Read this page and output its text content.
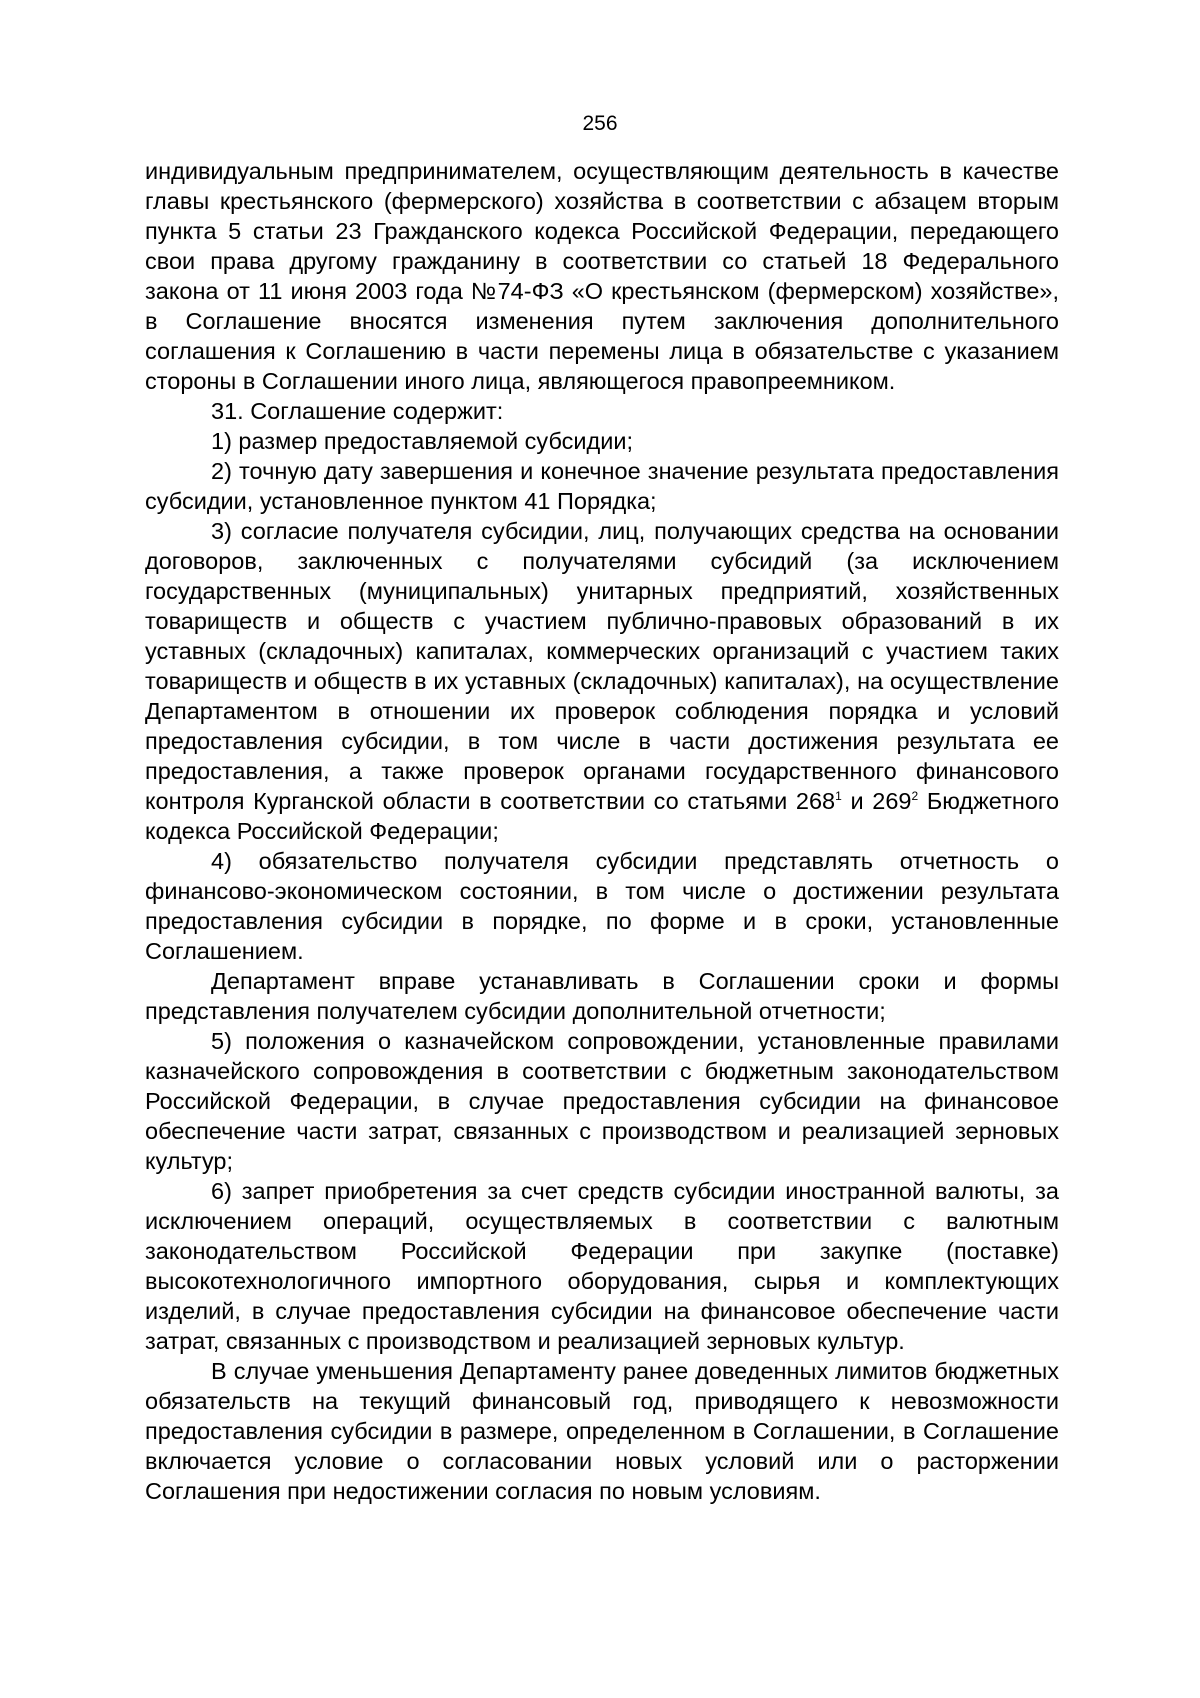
256

индивидуальным предпринимателем, осуществляющим деятельность в качестве главы крестьянского (фермерского) хозяйства в соответствии с абзацем вторым пункта 5 статьи 23 Гражданского кодекса Российской Федерации, передающего свои права другому гражданину в соответствии со статьей 18 Федерального закона от 11 июня 2003 года №74-ФЗ «О крестьянском (фермерском) хозяйстве», в Соглашение вносятся изменения путем заключения дополнительного соглашения к Соглашению в части перемены лица в обязательстве с указанием стороны в Соглашении иного лица, являющегося правопреемником.

31. Соглашение содержит:

1) размер предоставляемой субсидии;

2) точную дату завершения и конечное значение результата предоставления субсидии, установленное пунктом 41 Порядка;

3) согласие получателя субсидии, лиц, получающих средства на основании договоров, заключенных с получателями субсидий (за исключением государственных (муниципальных) унитарных предприятий, хозяйственных товариществ и обществ с участием публично-правовых образований в их уставных (складочных) капиталах, коммерческих организаций с участием таких товариществ и обществ в их уставных (складочных) капиталах), на осуществление Департаментом в отношении их проверок соблюдения порядка и условий предоставления субсидии, в том числе в части достижения результата ее предоставления, а также проверок органами государственного финансового контроля Курганской области в соответствии со статьями $268^1$ и $269^2$ Бюджетного кодекса Российской Федерации;

4) обязательство получателя субсидии представлять отчетность о финансово-экономическом состоянии, в том числе о достижении результата предоставления субсидии в порядке, по форме и в сроки, установленные Соглашением.

Департамент вправе устанавливать в Соглашении сроки и формы представления получателем субсидии дополнительной отчетности;

5) положения о казначейском сопровождении, установленные правилами казначейского сопровождения в соответствии с бюджетным законодательством Российской Федерации, в случае предоставления субсидии на финансовое обеспечение части затрат, связанных с производством и реализацией зерновых культур;

6) запрет приобретения за счет средств субсидии иностранной валюты, за исключением операций, осуществляемых в соответствии с валютным законодательством Российской Федерации при закупке (поставке) высокотехнологичного импортного оборудования, сырья и комплектующих изделий, в случае предоставления субсидии на финансовое обеспечение части затрат, связанных с производством и реализацией зерновых культур.

В случае уменьшения Департаменту ранее доведенных лимитов бюджетных обязательств на текущий финансовый год, приводящего к невозможности предоставления субсидии в размере, определенном в Соглашении, в Соглашение включается условие о согласовании новых условий или о расторжении Соглашения при недостижении согласия по новым условиям.
